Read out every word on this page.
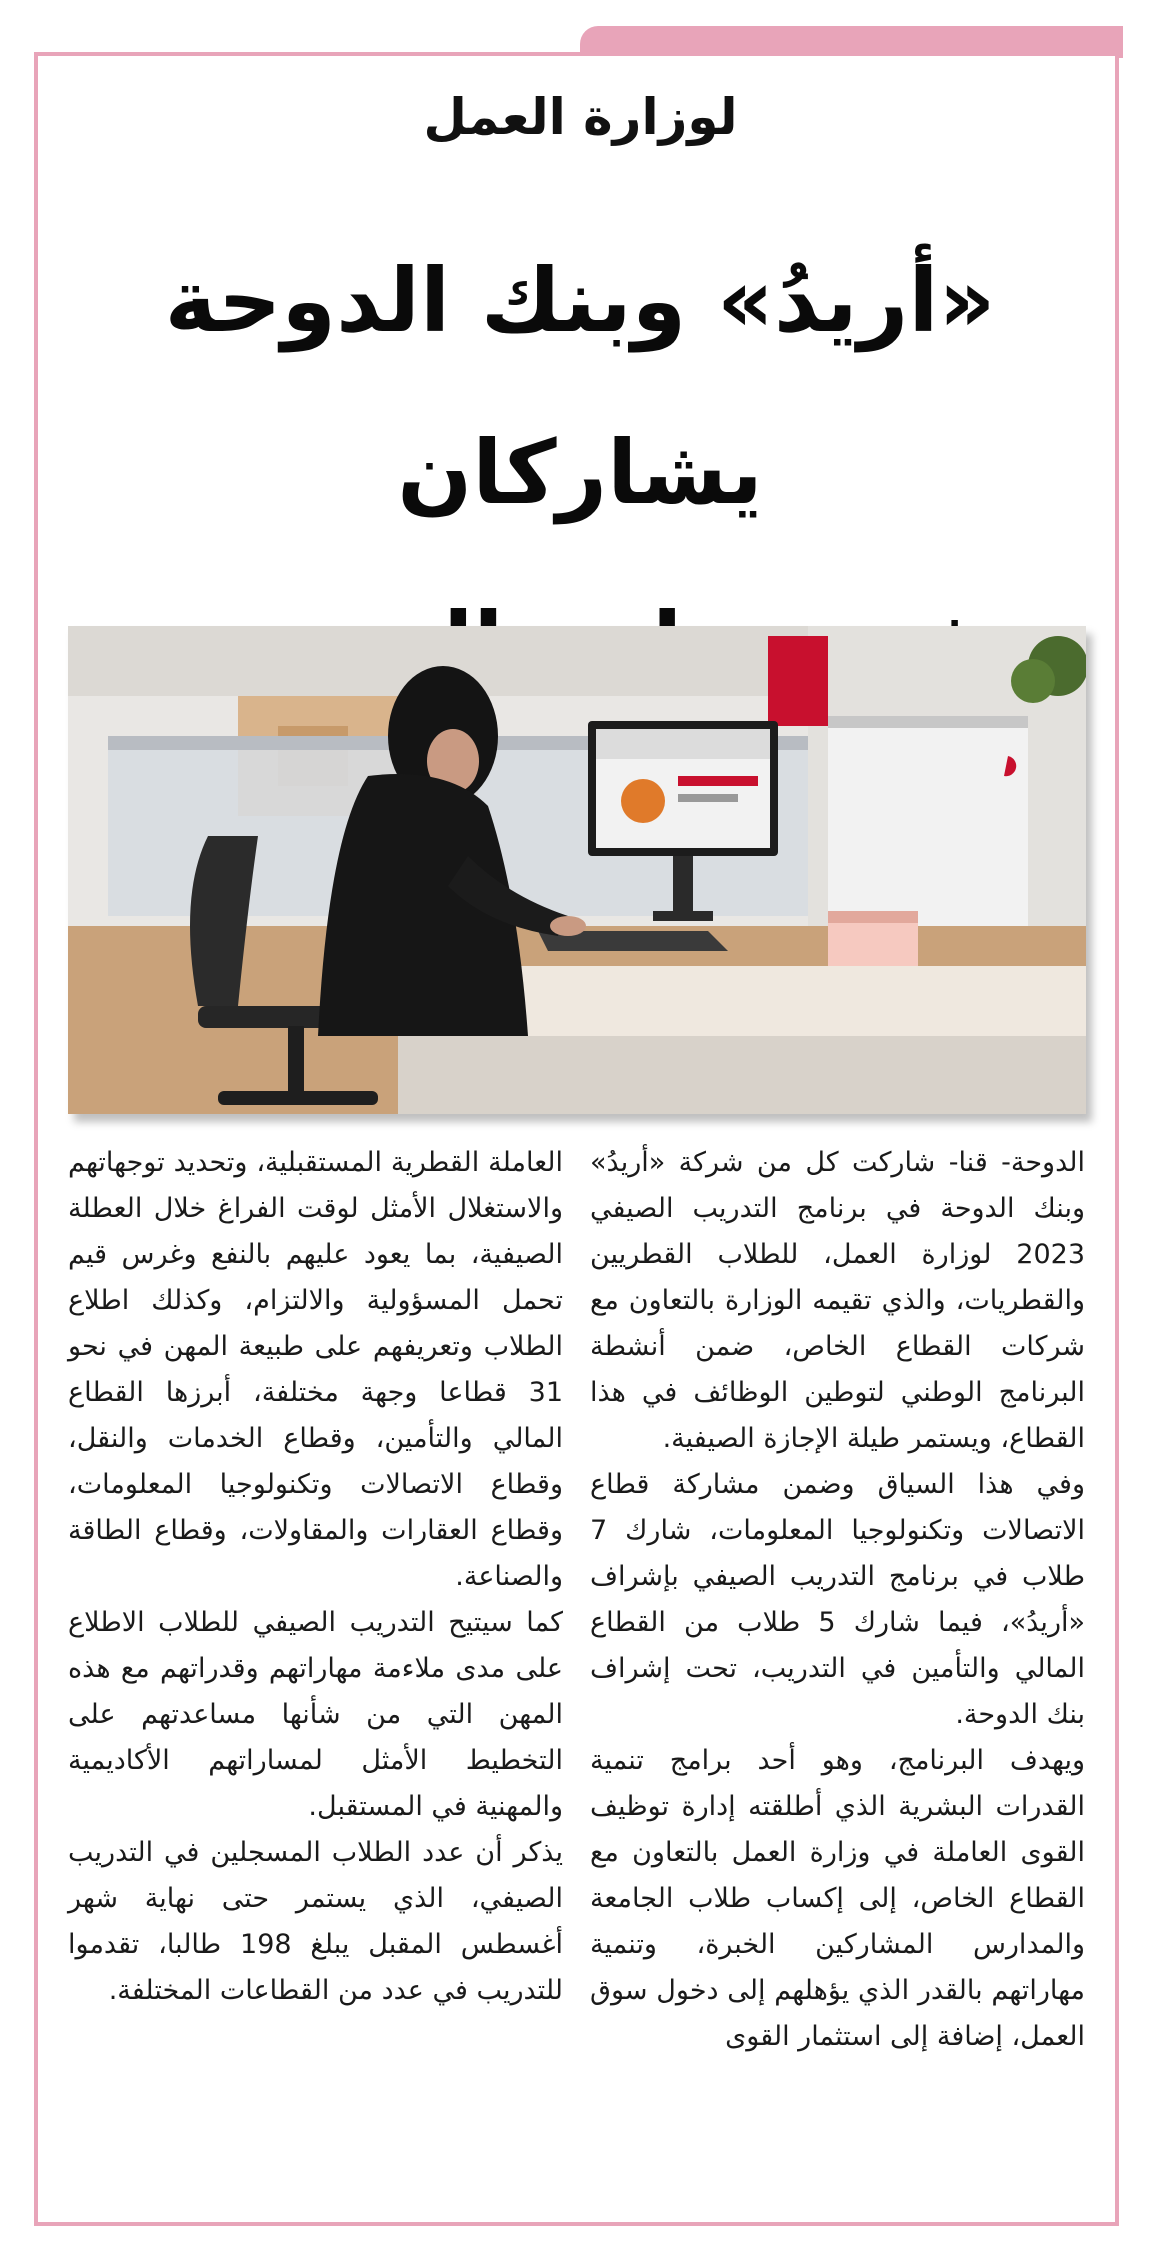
لوزارة العمل
«أريدُ» وبنك الدوحة يشاركان

الدوحة- قنا- شاركت كل من شركة «أريدُ» وبنك الدوحة في برنامج التدريب الصيفي 2023 لوزارة العمل، للطلاب القطريين والقطريات، والذي تقيمه الوزارة بالتعاون مع شركات القطاع الخاص، ضمن أنشطة البرنامج الوطني لتوطين الوظائف في هذا القطاع، ويستمر طيلة الإجازة الصيفية.

وفي هذا السياق وضمن مشاركة قطاع الاتصالات وتكنولوجيا المعلومات، شارك 7 طلاب في برنامج التدريب الصيفي بإشراف «أريدُ»، فيما شارك 5 طلاب من القطاع المالي والتأمين في التدريب، تحت إشراف بنك الدوحة.

ويهدف البرنامج، وهو أحد برامج تنمية القدرات البشرية الذي أطلقته إدارة توظيف القوى العاملة في وزارة العمل بالتعاون مع القطاع الخاص، إلى إكساب طلاب الجامعة والمدارس المشاركين الخبرة، وتنمية مهاراتهم بالقدر الذي يؤهلهم إلى دخول سوق العمل، إضافة إلى استثمار القوى

العاملة القطرية المستقبلية، وتحديد توجهاتهم والاستغلال الأمثل لوقت الفراغ خلال العطلة الصيفية، بما يعود عليهم بالنفع وغرس قيم تحمل المسؤولية والالتزام، وكذلك اطلاع الطلاب وتعريفهم على طبيعة المهن في نحو 31 قطاعا وجهة مختلفة، أبرزها القطاع المالي والتأمين، وقطاع الخدمات والنقل، وقطاع الاتصالات وتكنولوجيا المعلومات، وقطاع العقارات والمقاولات، وقطاع الطاقة والصناعة.

كما سيتيح التدريب الصيفي للطلاب الاطلاع على مدى ملاءمة مهاراتهم وقدراتهم مع هذه المهن التي من شأنها مساعدتهم على التخطيط الأمثل لمساراتهم الأكاديمية والمهنية في المستقبل.

يذكر أن عدد الطلاب المسجلين في التدريب الصيفي، الذي يستمر حتى نهاية شهر أغسطس المقبل يبلغ 198 طالبا، تقدموا للتدريب في عدد من القطاعات المختلفة.
